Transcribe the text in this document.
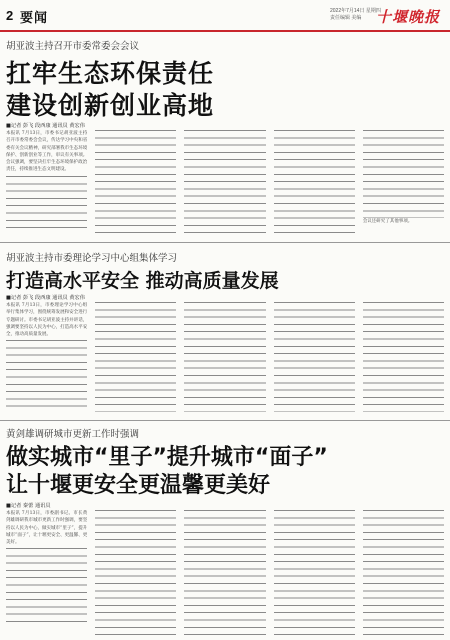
2 要闻	2022年7月14日 星期四
责任编辑 美编 十堰晚报
胡亚波主持召开市委常委会会议
扛牢生态环保责任
建设创新创业高地
■记者 彭飞 段西康 通讯员 黄宏伟

本报讯 7月13日，市委书记胡亚波主持召开市委常委会会议，传达学习中央和省委有关会议精神，研究部署我市生态环境保护、创新创业等工作，审议有关事项。会议强调，要坚决扛牢生态环境保护政治责任，持续推进生态文明建设。

会议还研究了其他事项。

胡亚波主持市委理论学习中心组集体学习
打造高水平安全 推动高质量发展
■记者 彭飞 段西康 通讯员 黄宏伟

本报讯 7月13日，市委理论学习中心组举行集体学习，围绕统筹发展和安全进行专题研讨。市委书记胡亚波主持并讲话，强调要坚持以人民为中心，打造高水平安全，推动高质量发展。

黄剑雄调研城市更新工作时强调
做实城市“里子”提升城市“面子”
让十堰更安全更温馨更美好
■记者 秦蕾 通讯员

本报讯 7月13日，市委副书记、市长黄剑雄调研我市城市更新工作时强调，要坚持以人民为中心，做实城市“里子”，提升城市“面子”，让十堰更安全、更温馨、更美好。
